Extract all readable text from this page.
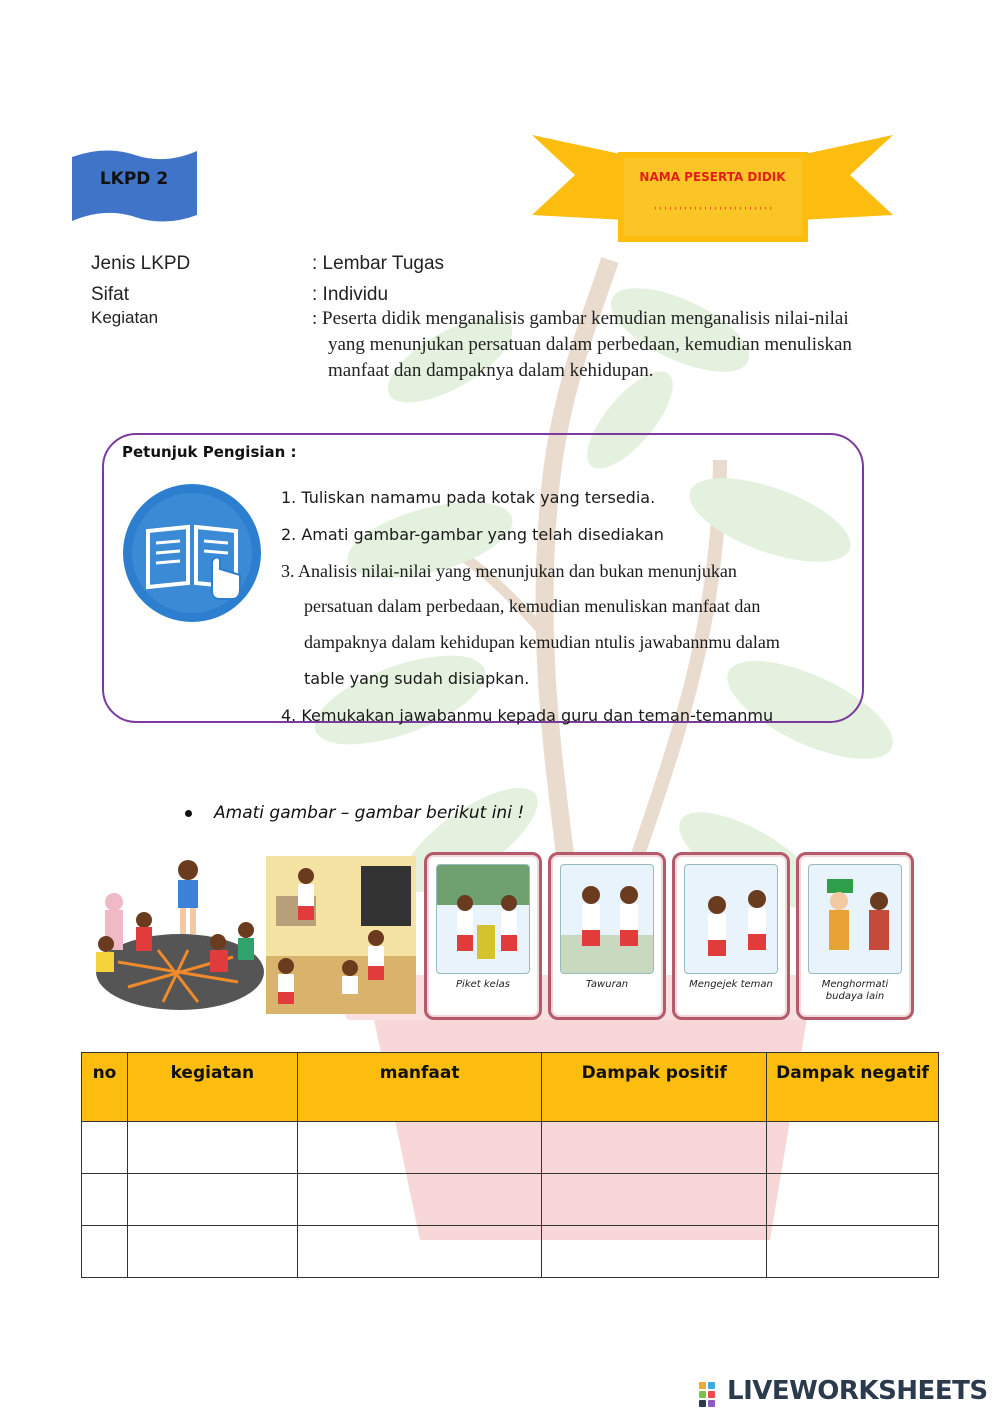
LKPD 2	NAMA PESERTA DIDIK
ˌˌˌˌˌˌˌˌˌˌˌˌˌˌˌˌˌˌˌˌˌˌˌˌ
Jenis LKPD	: Lembar Tugas
Sifat	: Individu
Kegiatan	: Peserta didik menganalisis gambar kemudian menganalisis nilai-nilai
yang menunjukan persatuan dalam perbedaan, kemudian menuliskan
manfaat dan dampaknya dalam kehidupan.
Petunjuk Pengisian :
1. Tuliskan namamu pada kotak yang tersedia.
2. Amati gambar-gambar yang telah disediakan
3. Analisis nilai-nilai yang menunjukan dan bukan menunjukan
persatuan dalam perbedaan, kemudian menuliskan manfaat dan
dampaknya dalam kehidupan kemudian ntulis jawabannmu dalam
table yang sudah disiapkan.
4. Kemukakan jawabanmu kepada guru dan teman-temanmu
Amati gambar – gambar berikut ini !
Piket kelas	Tawuran	Mengejek teman	Menghormati budaya lain
no	kegiatan	manfaat	Dampak positif	Dampak negatif

LIVEWORKSHEETS
